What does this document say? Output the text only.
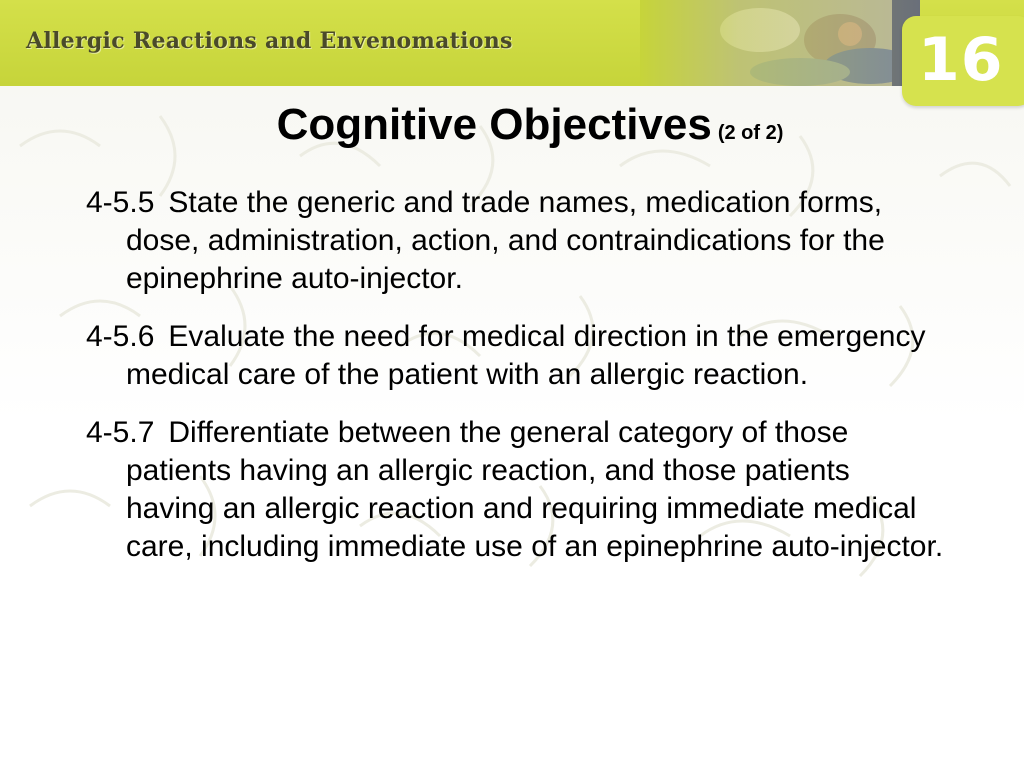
Allergic Reactions and Envenomations	16
Cognitive Objectives (2 of 2)
4-5.5 State the generic and trade names, medication forms, dose, administration, action, and contraindications for the epinephrine auto-injector.
4-5.6 Evaluate the need for medical direction in the emergency medical care of the patient with an allergic reaction.
4-5.7 Differentiate between the general category of those patients having an allergic reaction, and those patients having an allergic reaction and requiring immediate medical care, including immediate use of an epinephrine auto-injector.
